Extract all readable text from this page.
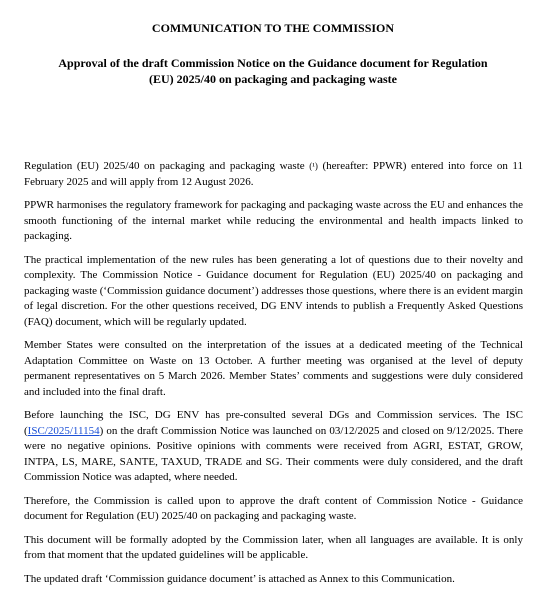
COMMUNICATION TO THE COMMISSION
Approval of the draft Commission Notice on the Guidance document for Regulation
(EU) 2025/40 on packaging and packaging waste

Regulation (EU) 2025/40 on packaging and packaging waste (¹) (hereafter: PPWR) entered into force on 11 February 2025 and will apply from 12 August 2026.

PPWR harmonises the regulatory framework for packaging and packaging waste across the EU and enhances the smooth functioning of the internal market while reducing the environmental and health impacts linked to packaging.

The practical implementation of the new rules has been generating a lot of questions due to their novelty and complexity. The Commission Notice - Guidance document for Regulation (EU) 2025/40 on packaging and packaging waste (‘Commission guidance document’) addresses those questions, where there is an evident margin of legal discretion. For the other questions received, DG ENV intends to publish a Frequently Asked Questions (FAQ) document, which will be regularly updated.

Member States were consulted on the interpretation of the issues at a dedicated meeting of the Technical Adaptation Committee on Waste on 13 October. A further meeting was organised at the level of deputy permanent representatives on 5 March 2026. Member States’ comments and suggestions were duly considered and included into the final draft.

Before launching the ISC, DG ENV has pre-consulted several DGs and Commission services. The ISC (ISC/2025/11154) on the draft Commission Notice was launched on 03/12/2025 and closed on 9/12/2025. There were no negative opinions. Positive opinions with comments were received from AGRI, ESTAT, GROW, INTPA, LS, MARE, SANTE, TAXUD, TRADE and SG. Their comments were duly considered, and the draft Commission Notice was adapted, where needed.

Therefore, the Commission is called upon to approve the draft content of Commission Notice - Guidance document for Regulation (EU) 2025/40 on packaging and packaging waste.

This document will be formally adopted by the Commission later, when all languages are available. It is only from that moment that the updated guidelines will be applicable.

The updated draft ‘Commission guidance document’ is attached as Annex to this Communication.
